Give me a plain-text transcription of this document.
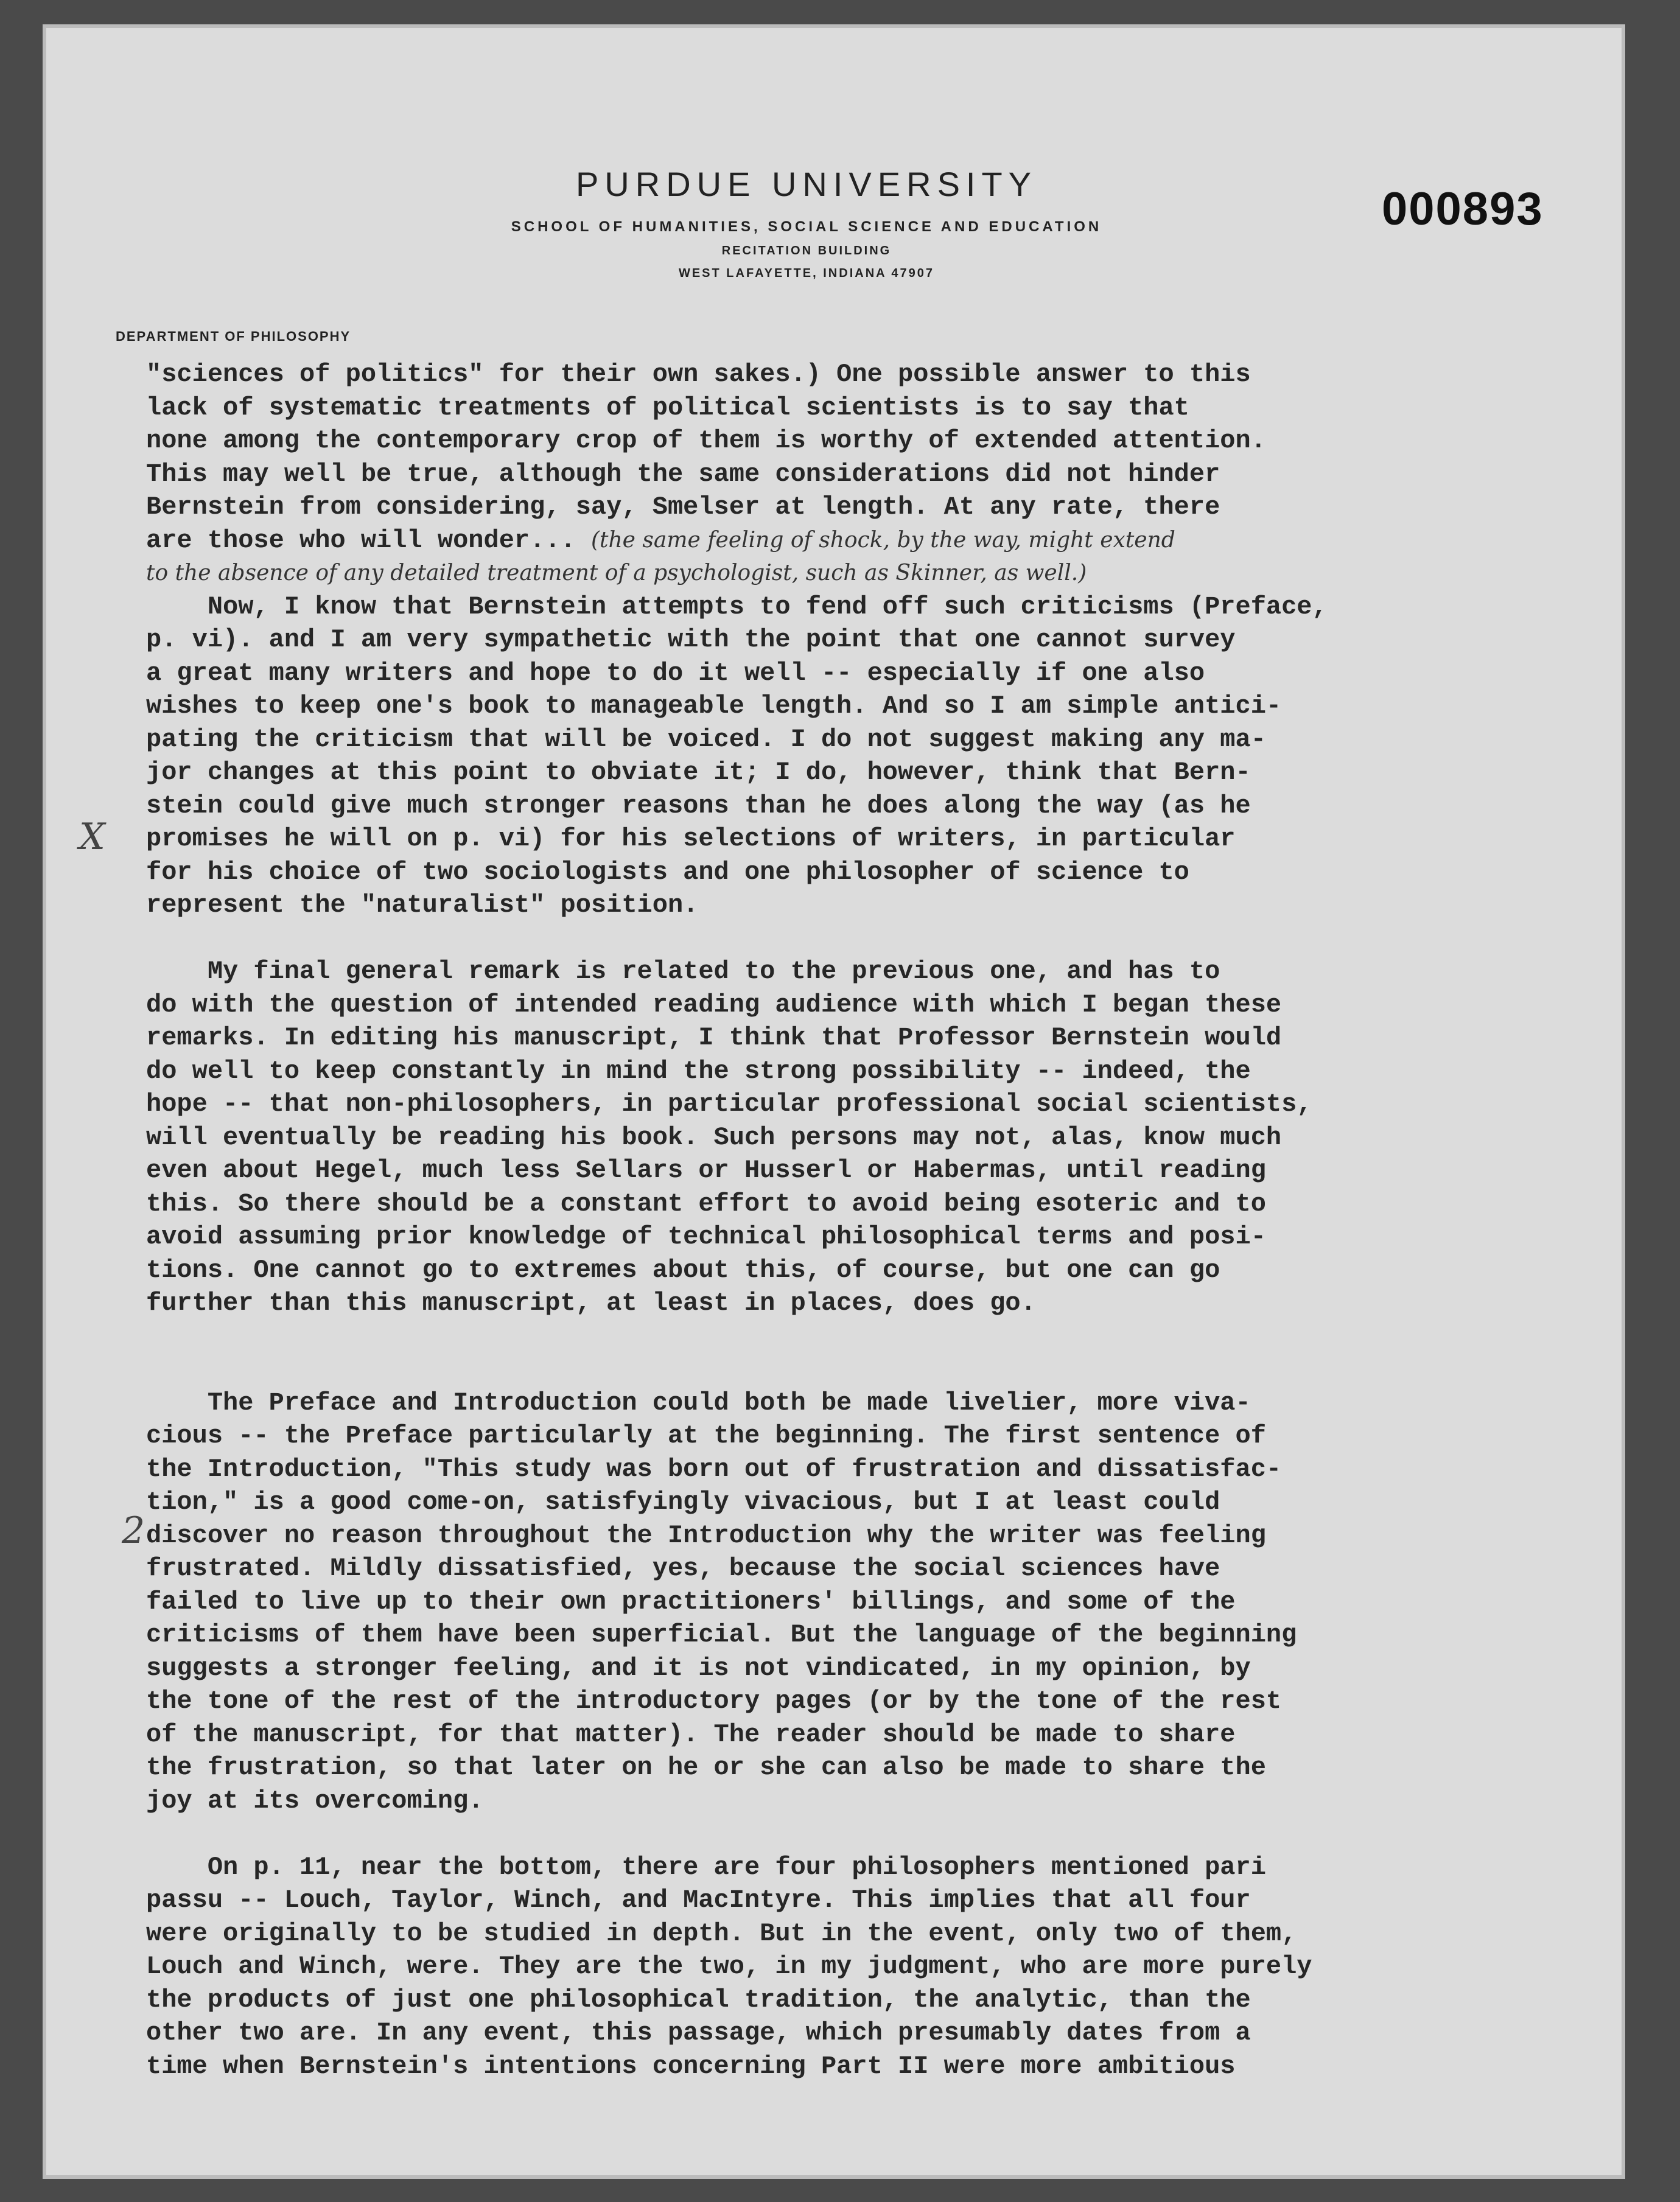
PURDUE UNIVERSITY
SCHOOL OF HUMANITIES, SOCIAL SCIENCE AND EDUCATION
RECITATION BUILDING
WEST LAFAYETTE, INDIANA 47907
000893
DEPARTMENT OF PHILOSOPHY
"sciences of politics" for their own sakes.) One possible answer to this
lack of systematic treatments of political scientists is to say that
none among the contemporary crop of them is worthy of extended attention.
This may well be true, although the same considerations did not hinder
Bernstein from considering, say, Smelser at length. At any rate, there
are those who will wonder... (the same feeling of shock, by the way, might extend
to the absence of any detailed treatment of a psychologist, such as Skinner, as well.)
Now, I know that Bernstein attempts to fend off such criticisms (Preface,
p. vi). and I am very sympathetic with the point that one cannot survey
a great many writers and hope to do it well -- especially if one also
wishes to keep one's book to manageable length. And so I am simple antici-
pating the criticism that will be voiced. I do not suggest making any ma-
jor changes at this point to obviate it; I do, however, think that Bern-
stein could give much stronger reasons than he does along the way (as he
promises he will on p. vi) for his selections of writers, in particular
for his choice of two sociologists and one philosopher of science to
represent the "naturalist" position.

My final general remark is related to the previous one, and has to
do with the question of intended reading audience with which I began these
remarks. In editing his manuscript, I think that Professor Bernstein would
do well to keep constantly in mind the strong possibility -- indeed, the
hope -- that non-philosophers, in particular professional social scientists,
will eventually be reading his book. Such persons may not, alas, know much
even about Hegel, much less Sellars or Husserl or Habermas, until reading
this. So there should be a constant effort to avoid being esoteric and to
avoid assuming prior knowledge of technical philosophical terms and posi-
tions. One cannot go to extremes about this, of course, but one can go
further than this manuscript, at least in places, does go.

The Preface and Introduction could both be made livelier, more viva-
cious -- the Preface particularly at the beginning. The first sentence of
the Introduction, "This study was born out of frustration and dissatisfac-
tion," is a good come-on, satisfyingly vivacious, but I at least could
discover no reason throughout the Introduction why the writer was feeling
frustrated. Mildly dissatisfied, yes, because the social sciences have
failed to live up to their own practitioners' billings, and some of the
criticisms of them have been superficial. But the language of the beginning
suggests a stronger feeling, and it is not vindicated, in my opinion, by
the tone of the rest of the introductory pages (or by the tone of the rest
of the manuscript, for that matter). The reader should be made to share
the frustration, so that later on he or she can also be made to share the
joy at its overcoming.

On p. 11, near the bottom, there are four philosophers mentioned pari
passu -- Louch, Taylor, Winch, and MacIntyre. This implies that all four
were originally to be studied in depth. But in the event, only two of them,
Louch and Winch, were. They are the two, in my judgment, who are more purely
the products of just one philosophical tradition, the analytic, than the
other two are. In any event, this passage, which presumably dates from a
time when Bernstein's intentions concerning Part II were more ambitious
X
2
